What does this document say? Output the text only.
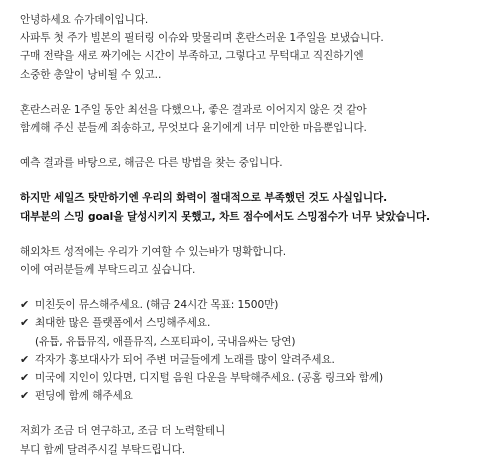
안녕하세요 슈가데이입니다.
사파투 첫 주가 빌본의 필터링 이슈와 맞물리며 혼란스러운 1주일을 보냈습니다.
구매 전략을 새로 짜기에는 시간이 부족하고, 그렇다고 무턱대고 직진하기엔
소중한 총알이 낭비될 수 있고..
혼란스러운 1주일 동안 최선을 다했으나, 좋은 결과로 이어지지 않은 것 같아
함께해 주신 분들께 죄송하고, 무엇보다 윤기에게 너무 미안한 마음뿐입니다.
예측 결과를 바탕으로, 해금은 다른 방법을 찾는 중입니다.
하지만 세일즈 탓만하기엔 우리의 화력이 절대적으로 부족했던 것도 사실입니다.
대부분의 스밍 goal을 달성시키지 못했고, 차트 점수에서도 스밍점수가 너무 낮았습니다.
해외차트 성적에는 우리가 기여할 수 있는바가 명확합니다.
이에 여러분들께 부탁드리고 싶습니다.
✔ 미친듯이 뮤스해주세요. (해금 24시간 목표: 1500만)
✔ 최대한 많은 플랫폼에서 스밍해주세요.
(유튭, 유튭뮤직, 애플뮤직, 스포티파이, 국내음싸는 당연)
✔ 각자가 홍보대사가 되어 주변 머글들에게 노래를 많이 알려주세요.
✔ 미국에 지인이 있다면, 디지털 음원 다운을 부탁해주세요. (공홈 링크와 함께)
✔ 펀딩에 함께 해주세요
저희가 조금 더 연구하고, 조금 더 노력할테니
부디 함께 달려주시길 부탁드립니다.
